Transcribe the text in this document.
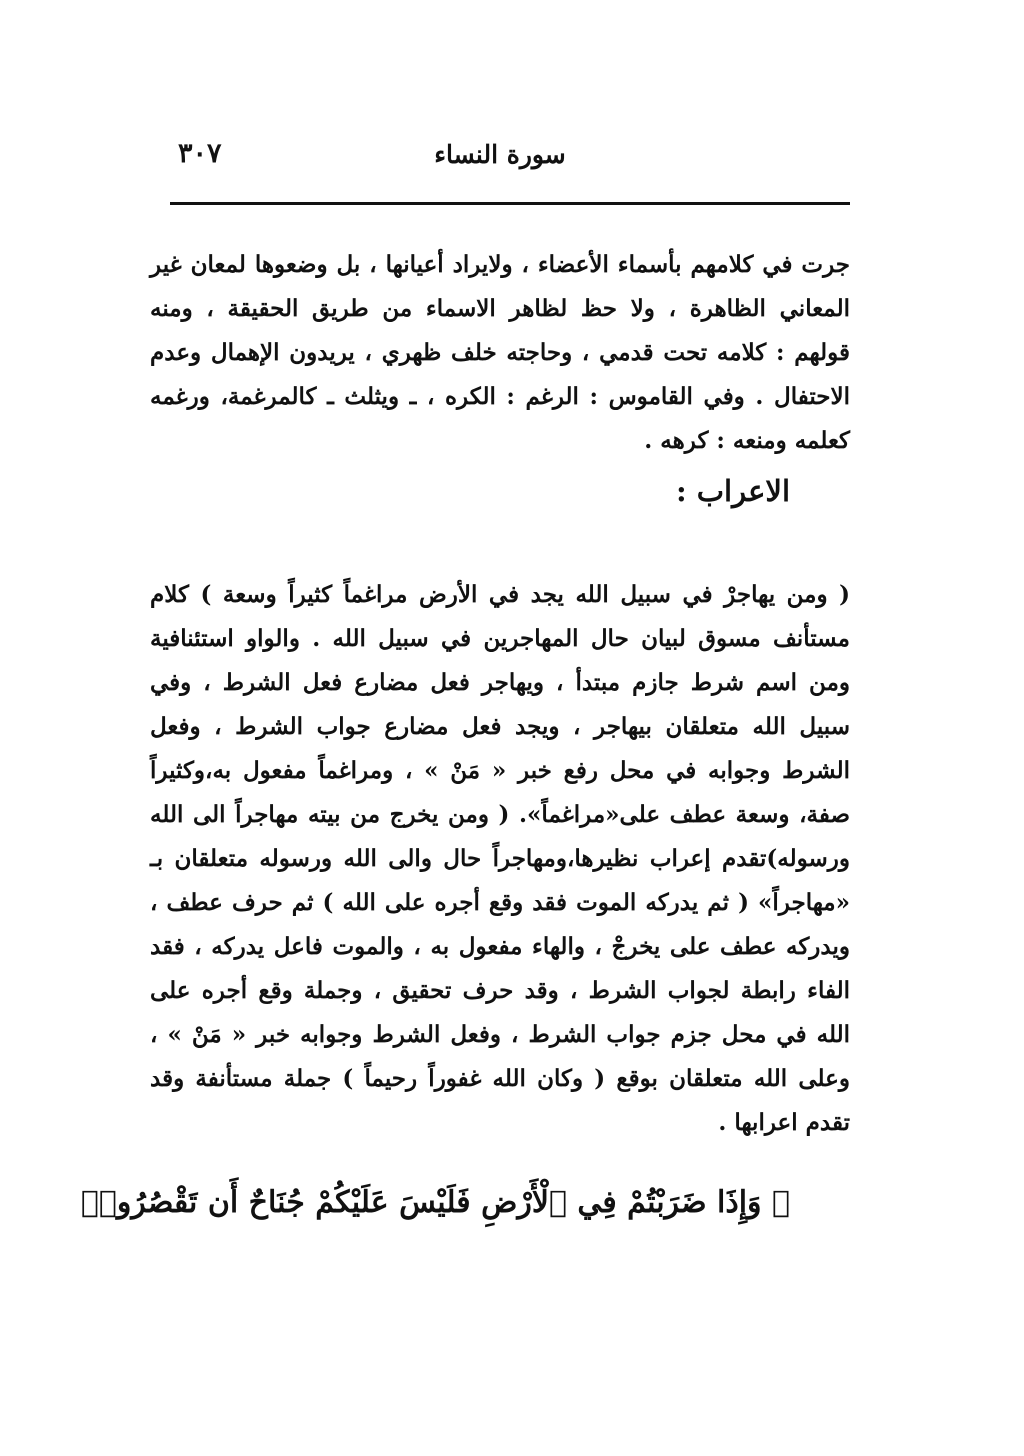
سورة النساء
٣٠٧

جرت في كلامهم بأسماء الأعضاء ، ولايراد أعيانها ، بل وضعوها لمعان غير المعاني الظاهرة ، ولا حظ لظاهر الاسماء من طريق الحقيقة ، ومنه قولهم : كلامه تحت قدمي ، وحاجته خلف ظهري ، يريدون الإهمال وعدم الاحتفال . وفي القاموس : الرغم : الكره ، ـ ويثلث ـ كالمرغمة، ورغمه كعلمه ومنعه : كرهه .

الاعراب :

( ومن يهاجرْ في سبيل الله يجد في الأرض مراغماً كثيراً وسعة ) كلام مستأنف مسوق لبيان حال المهاجرين في سبيل الله . والواو استئنافية ومن اسم شرط جازم مبتدأ ، ويهاجر فعل مضارع فعل الشرط ، وفي سبيل الله متعلقان بيهاجر ، ويجد فعل مضارع جواب الشرط ، وفعل الشرط وجوابه في محل رفع خبر « مَنْ » ، ومراغماً مفعول به،وكثيراً صفة، وسعة عطف على«مراغماً». ( ومن يخرج من بيته مهاجراً الى الله ورسوله)تقدم إعراب نظيرها،ومهاجراً حال والى الله ورسوله متعلقان بـ «مهاجراً» ( ثم يدركه الموت فقد وقع أجره على الله ) ثم حرف عطف ، ويدركه عطف على يخرجْ ، والهاء مفعول به ، والموت فاعل يدركه ، فقد الفاء رابطة لجواب الشرط ، وقد حرف تحقيق ، وجملة وقع أجره على الله في محل جزم جواب الشرط ، وفعل الشرط وجوابه خبر « مَنْ » ، وعلى الله متعلقان بوقع ( وكان الله غفوراً رحيماً ) جملة مستأنفة وقد تقدم اعرابها .

﴿ وَإِذَا ضَرَبْتُمْ فِي ٱلْأَرْضِ فَلَيْسَ عَلَيْكُمْ جُنَاحٌ أَن تَقْصُرُوا۟
